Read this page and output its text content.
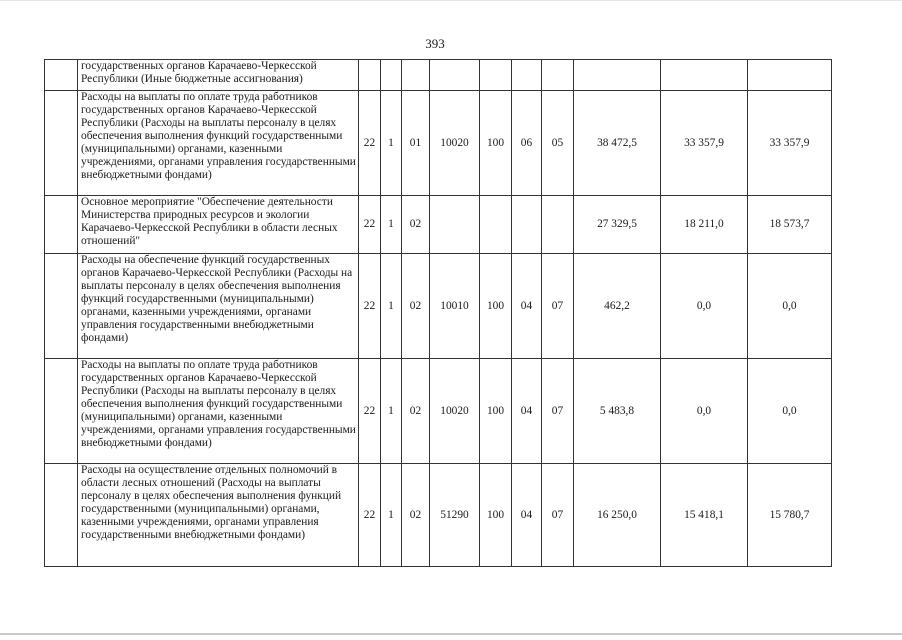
393
	государственных органов Карачаево-Черкесской Республики (Иные бюджетные ассигнования)										
	Расходы на выплаты по оплате труда работников государственных органов Карачаево-Черкесской Республики (Расходы на выплаты персоналу в целях обеспечения выполнения функций государственными (муниципальными) органами, казенными учреждениями, органами управления государственными внебюджетными фондами)	22	1	01	10020	100	06	05	38 472,5	33 357,9	33 357,9
	Основное мероприятие "Обеспечение деятельности Министерства природных ресурсов и экологии Карачаево-Черкесской Республики в области лесных отношений"	22	1	02					27 329,5	18 211,0	18 573,7
	Расходы на обеспечение функций государственных органов Карачаево-Черкесской Республики (Расходы на выплаты персоналу в целях обеспечения выполнения функций государственными (муниципальными) органами, казенными учреждениями, органами управления государственными внебюджетными фондами)	22	1	02	10010	100	04	07	462,2	0,0	0,0
	Расходы на выплаты по оплате труда работников государственных органов Карачаево-Черкесской Республики (Расходы на выплаты персоналу в целях обеспечения выполнения функций государственными (муниципальными) органами, казенными учреждениями, органами управления государственными внебюджетными фондами)	22	1	02	10020	100	04	07	5 483,8	0,0	0,0
	Расходы на осуществление отдельных полномочий в области лесных отношений (Расходы на выплаты персоналу в целях обеспечения выполнения функций государственными (муниципальными) органами, казенными учреждениями, органами управления государственными внебюджетными фондами)	22	1	02	51290	100	04	07	16 250,0	15 418,1	15 780,7
